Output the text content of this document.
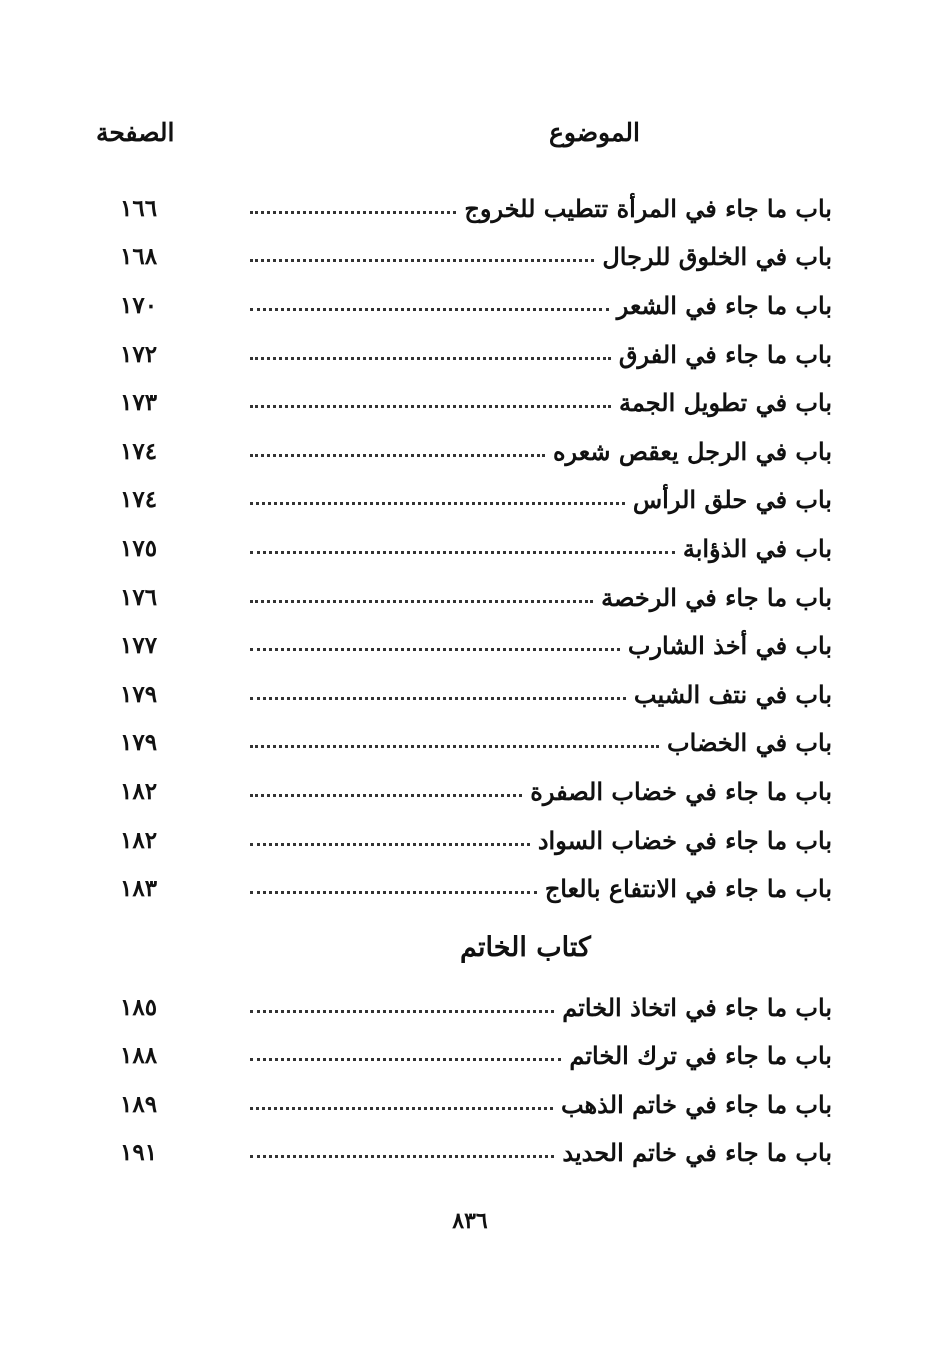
الموضوع
الصفحة
باب ما جاء في المرأة تتطيب للخروج
١٦٦
باب في الخلوق للرجال
١٦٨
باب ما جاء في الشعر
١٧٠
باب ما جاء في الفرق
١٧٢
باب في تطويل الجمة
١٧٣
باب في الرجل يعقص شعره
١٧٤
باب في حلق الرأس
١٧٤
باب في الذؤابة
١٧٥
باب ما جاء في الرخصة
١٧٦
باب في أخذ الشارب
١٧٧
باب في نتف الشيب
١٧٩
باب في الخضاب
١٧٩
باب ما جاء في خضاب الصفرة
١٨٢
باب ما جاء في خضاب السواد
١٨٢
باب ما جاء في الانتفاع بالعاج
١٨٣
كتاب الخاتم
باب ما جاء في اتخاذ الخاتم
١٨٥
باب ما جاء في ترك الخاتم
١٨٨
باب ما جاء في خاتم الذهب
١٨٩
باب ما جاء في خاتم الحديد
١٩١
٨٣٦
